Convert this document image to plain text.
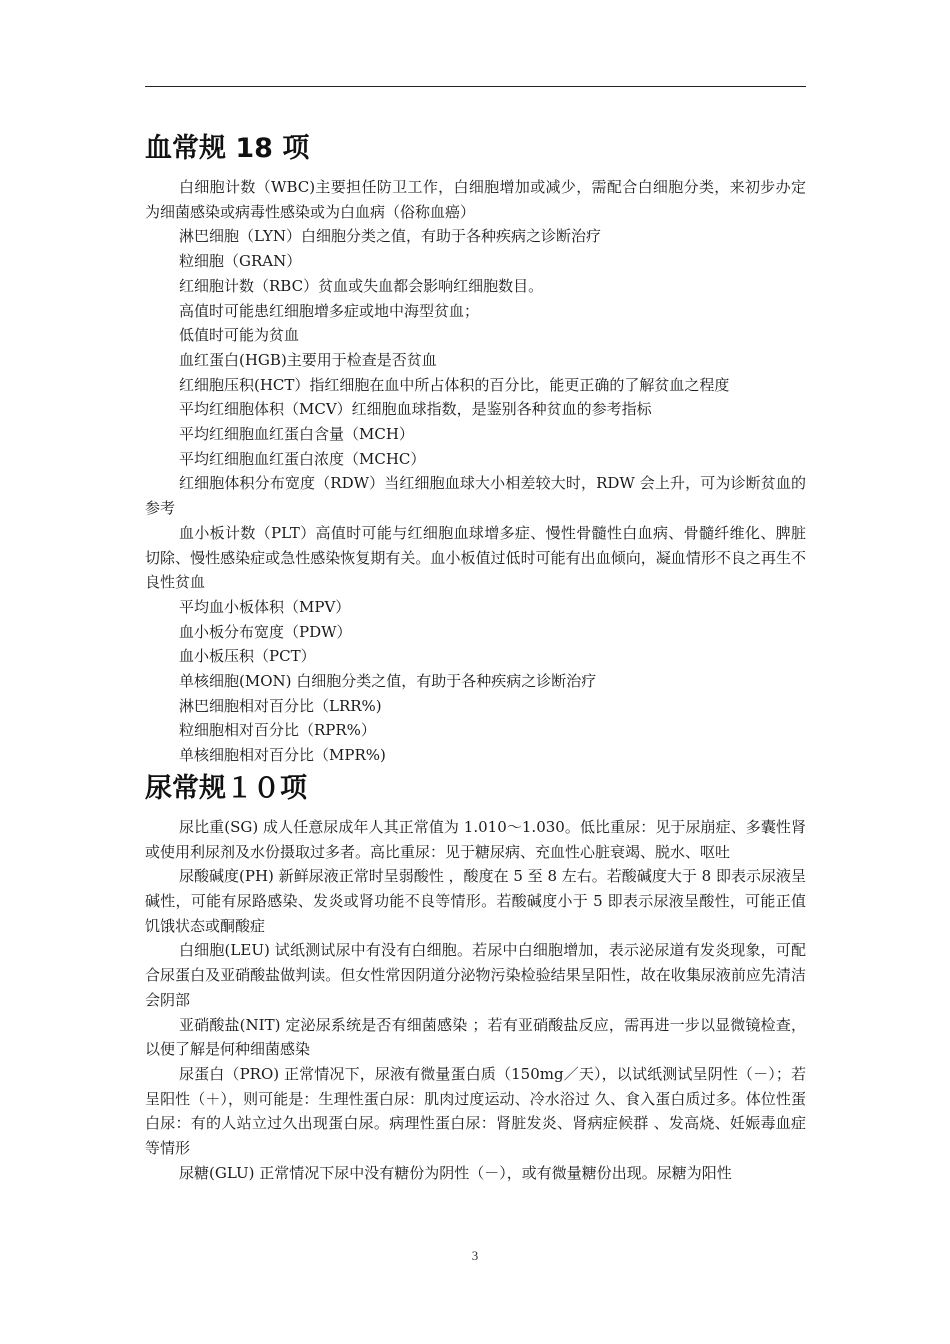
血常规 18 项

白细胞计数（WBC)主要担任防卫工作，白细胞增加或减少，需配合白细胞分类，来初步办定为细菌感染或病毒性感染或为白血病（俗称血癌）

淋巴细胞（LYN）白细胞分类之值，有助于各种疾病之诊断治疗

粒细胞（GRAN）

红细胞计数（RBC）贫血或失血都会影响红细胞数目。

高值时可能患红细胞增多症或地中海型贫血；

低值时可能为贫血

血红蛋白(HGB)主要用于检查是否贫血

红细胞压积(HCT）指红细胞在血中所占体积的百分比，能更正确的了解贫血之程度

平均红细胞体积（MCV）红细胞血球指数，是鉴别各种贫血的参考指标

平均红细胞血红蛋白含量（MCH）

平均红细胞血红蛋白浓度（MCHC）

红细胞体积分布宽度（RDW）当红细胞血球大小相差较大时，RDW 会上升，可为诊断贫血的参考

血小板计数（PLT）高值时可能与红细胞血球增多症、慢性骨髓性白血病、骨髓纤维化、脾脏切除、慢性感染症或急性感染恢复期有关。血小板值过低时可能有出血倾向，凝血情形不良之再生不良性贫血

平均血小板体积（MPV）

血小板分布宽度（PDW）

血小板压积（PCT）

单核细胞(MON) 白细胞分类之值，有助于各种疾病之诊断治疗

淋巴细胞相对百分比（LRR%)

粒细胞相对百分比（RPR%）

单核细胞相对百分比（MPR%)

尿常规１０项

尿比重(SG) 成人任意尿成年人其正常值为 1.010～1.030。低比重尿：见于尿崩症、多囊性肾或使用利尿剂及水份摄取过多者。高比重尿：见于糖尿病、充血性心脏衰竭、脱水、呕吐

尿酸碱度(PH) 新鲜尿液正常时呈弱酸性 ，酸度在 5 至 8 左右。若酸碱度大于 8 即表示尿液呈碱性，可能有尿路感染、发炎或肾功能不良等情形。若酸碱度小于 5 即表示尿液呈酸性，可能正值饥饿状态或酮酸症

白细胞(LEU) 试纸测试尿中有没有白细胞。若尿中白细胞增加，表示泌尿道有发炎现象，可配合尿蛋白及亚硝酸盐做判读。但女性常因阴道分泌物污染检验结果呈阳性，故在收集尿液前应先清洁会阴部

亚硝酸盐(NIT) 定泌尿系统是否有细菌感染 ；若有亚硝酸盐反应，需再进一步以显微镜检查，以便了解是何种细菌感染

尿蛋白（PRO) 正常情况下，尿液有微量蛋白质（150mg／天），以试纸测试呈阴性（－）；若呈阳性（＋），则可能是：生理性蛋白尿：肌肉过度运动、冷水浴过 久、食入蛋白质过多。体位性蛋白尿：有的人站立过久出现蛋白尿。病理性蛋白尿：肾脏发炎、肾病症候群 、发高烧、妊娠毒血症等情形

尿糖(GLU) 正常情况下尿中没有糖份为阴性（－），或有微量糖份出现。尿糖为阳性

3
